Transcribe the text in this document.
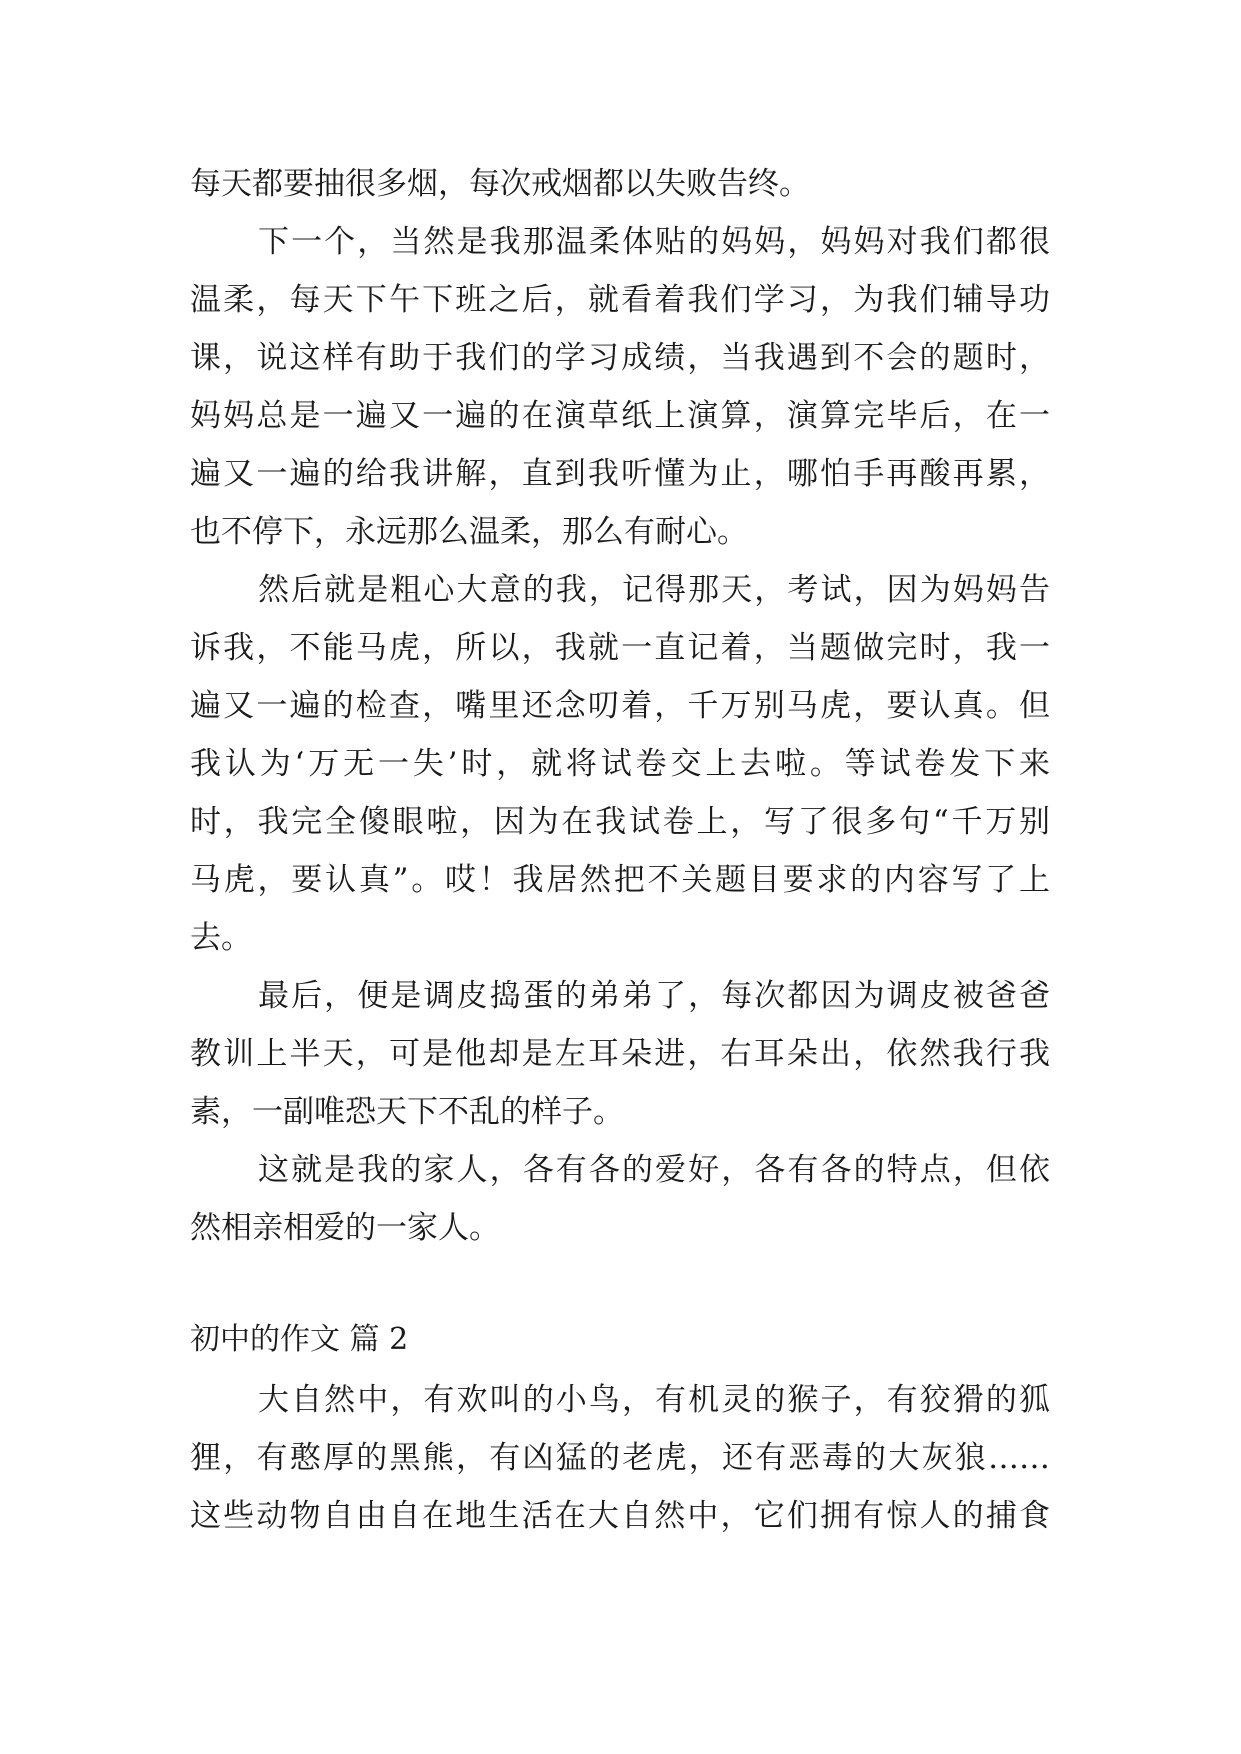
每天都要抽很多烟，每次戒烟都以失败告终。
下一个，当然是我那温柔体贴的妈妈，妈妈对我们都很
温柔，每天下午下班之后，就看着我们学习，为我们辅导功
课，说这样有助于我们的学习成绩，当我遇到不会的题时，
妈妈总是一遍又一遍的在演草纸上演算，演算完毕后，在一
遍又一遍的给我讲解，直到我听懂为止，哪怕手再酸再累，
也不停下，永远那么温柔，那么有耐心。
然后就是粗心大意的我，记得那天，考试，因为妈妈告
诉我，不能马虎，所以，我就一直记着，当题做完时，我一
遍又一遍的检查，嘴里还念叨着，千万别马虎，要认真。但
我认为‘万无一失’时，就将试卷交上去啦。等试卷发下来
时，我完全傻眼啦，因为在我试卷上，写了很多句“千万别
马虎，要认真”。哎！我居然把不关题目要求的内容写了上
去。
最后，便是调皮捣蛋的弟弟了，每次都因为调皮被爸爸
教训上半天，可是他却是左耳朵进，右耳朵出，依然我行我
素，一副唯恐天下不乱的样子。
这就是我的家人，各有各的爱好，各有各的特点，但依
然相亲相爱的一家人。
初中的作文 篇 2
大自然中，有欢叫的小鸟，有机灵的猴子，有狡猾的狐
狸，有憨厚的黑熊，有凶猛的老虎，还有恶毒的大灰狼……
这些动物自由自在地生活在大自然中，它们拥有惊人的捕食
